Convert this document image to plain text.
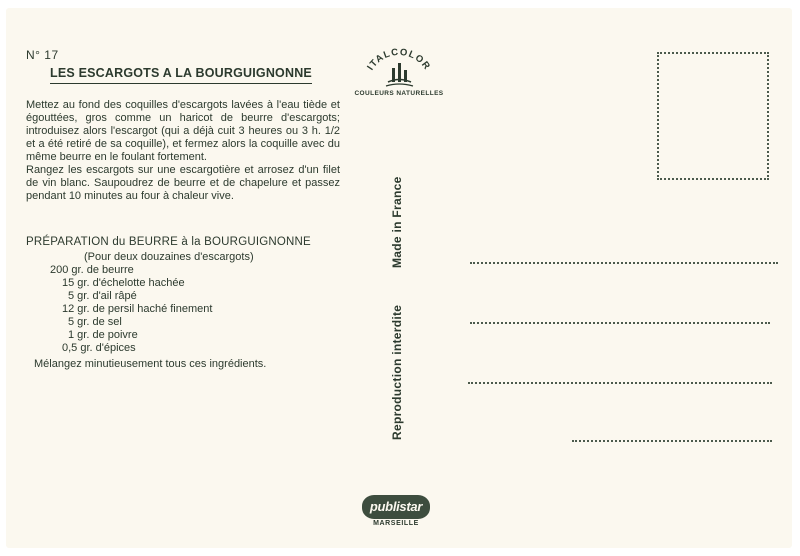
N° 17
LES ESCARGOTS A LA BOURGUIGNONNE

Mettez au fond des coquilles d'escargots lavées à l'eau tiède et égouttées, gros comme un haricot de beurre d'escargots; introduisez alors l'escargot (qui a déjà cuit 3 heures ou 3 h. 1/2 et a été retiré de sa coquille), et fermez alors la coquille avec du même beurre en le foulant fortement.

Rangez les escargots sur une escargotière et arrosez d'un filet de vin blanc. Saupoudrez de beurre et de chapelure et passez pendant 10 minutes au four à chaleur vive.

PRÉPARATION du BEURRE à la BOURGUIGNONNE
(Pour deux douzaines d'escargots)
200 gr. de beurre
15 gr. d'échelotte hachée
5 gr. d'ail râpé
12 gr. de persil haché finement
5 gr. de sel
1 gr. de poivre
0,5 gr. d'épices
Mélangez minutieusement tous ces ingrédients.
ITALCOLOR
COULEURS NATURELLES
Made in France
Reproduction interdite
publistar
MARSEILLE
